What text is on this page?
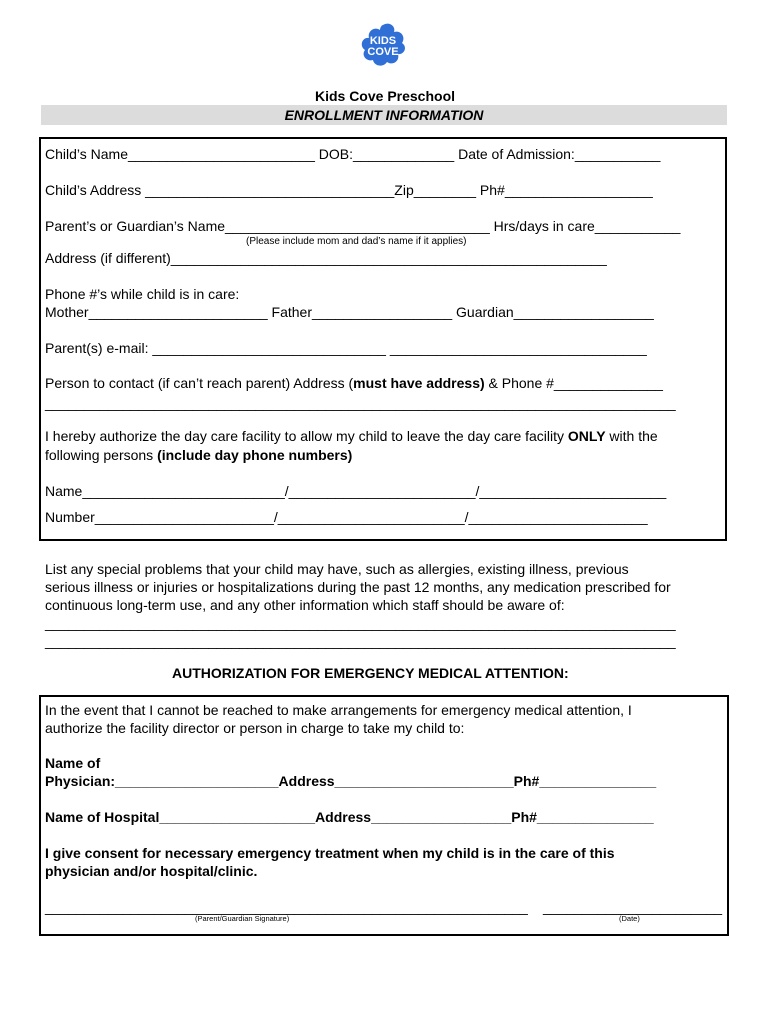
KIDS
COVE
Kids Cove Preschool
ENROLLMENT INFORMATION
Child’s Name________________________ DOB:_____________ Date of Admission:___________
Child’s Address ________________________________Zip________ Ph#___________________
Parent’s or Guardian’s Name__________________________________ Hrs/days in care___________
(Please include mom and dad’s name if it applies)
Address (if different)________________________________________________________
Phone #’s while child is in care:
Mother_______________________ Father__________________ Guardian__________________
Parent(s) e-mail: ______________________________ _________________________________
Person to contact (if can’t reach parent) Address (must have address) & Phone #______________
_________________________________________________________________________________
I hereby authorize the day care facility to allow my child to leave the day care facility ONLY with the
following persons (include day phone numbers)
Name__________________________/________________________/________________________
Number_______________________/________________________/_______________________
List any special problems that your child may have, such as allergies, existing illness, previous
serious illness or injuries or hospitalizations during the past 12 months, any medication prescribed for
continuous long-term use, and any other information which staff should be aware of:
_________________________________________________________________________________
_________________________________________________________________________________
AUTHORIZATION FOR EMERGENCY MEDICAL ATTENTION:
In the event that I cannot be reached to make arrangements for emergency medical attention, I
authorize the facility director or person in charge to take my child to:
Name of
Physician:_____________________Address_______________________Ph#_______________
Name of Hospital____________________Address__________________Ph#_______________
I give consent for necessary emergency treatment when my child is in the care of this
physician and/or hospital/clinic.
______________________________________________________________
(Parent/Guardian Signature)
_______________________
(Date)
